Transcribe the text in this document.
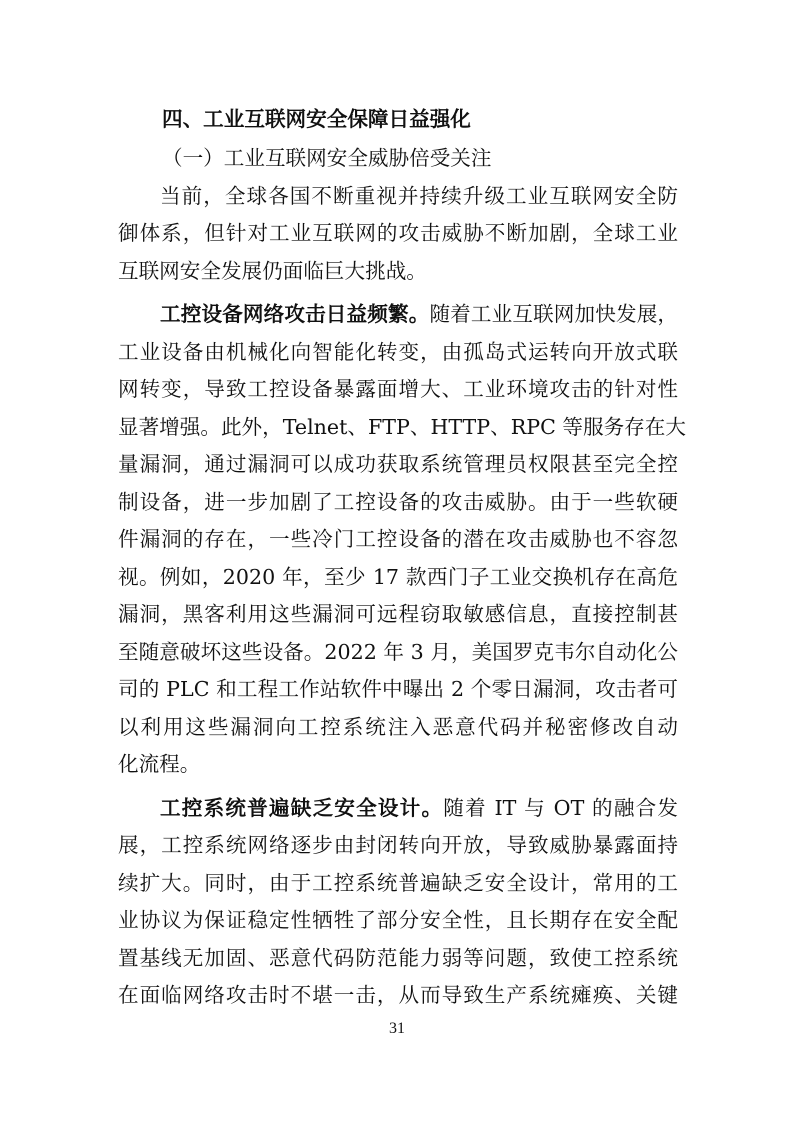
四、工业互联网安全保障日益强化
（一）工业互联网安全威胁倍受关注
当前，全球各国不断重视并持续升级工业互联网安全防
御体系，但针对工业互联网的攻击威胁不断加剧，全球工业
互联网安全发展仍面临巨大挑战。
工控设备网络攻击日益频繁。随着工业互联网加快发展，
工业设备由机械化向智能化转变，由孤岛式运转向开放式联
网转变，导致工控设备暴露面增大、工业环境攻击的针对性
显著增强。此外，Telnet、FTP、HTTP、RPC 等服务存在大
量漏洞，通过漏洞可以成功获取系统管理员权限甚至完全控
制设备，进一步加剧了工控设备的攻击威胁。由于一些软硬
件漏洞的存在，一些冷门工控设备的潜在攻击威胁也不容忽
视。例如，2020 年，至少 17 款西门子工业交换机存在高危
漏洞，黑客利用这些漏洞可远程窃取敏感信息，直接控制甚
至随意破坏这些设备。2022 年 3 月，美国罗克韦尔自动化公
司的 PLC 和工程工作站软件中曝出 2 个零日漏洞，攻击者可
以利用这些漏洞向工控系统注入恶意代码并秘密修改自动
化流程。
工控系统普遍缺乏安全设计。随着 IT 与 OT 的融合发
展，工控系统网络逐步由封闭转向开放，导致威胁暴露面持
续扩大。同时，由于工控系统普遍缺乏安全设计，常用的工
业协议为保证稳定性牺牲了部分安全性，且长期存在安全配
置基线无加固、恶意代码防范能力弱等问题，致使工控系统
在面临网络攻击时不堪一击，从而导致生产系统瘫痪、关键
31
